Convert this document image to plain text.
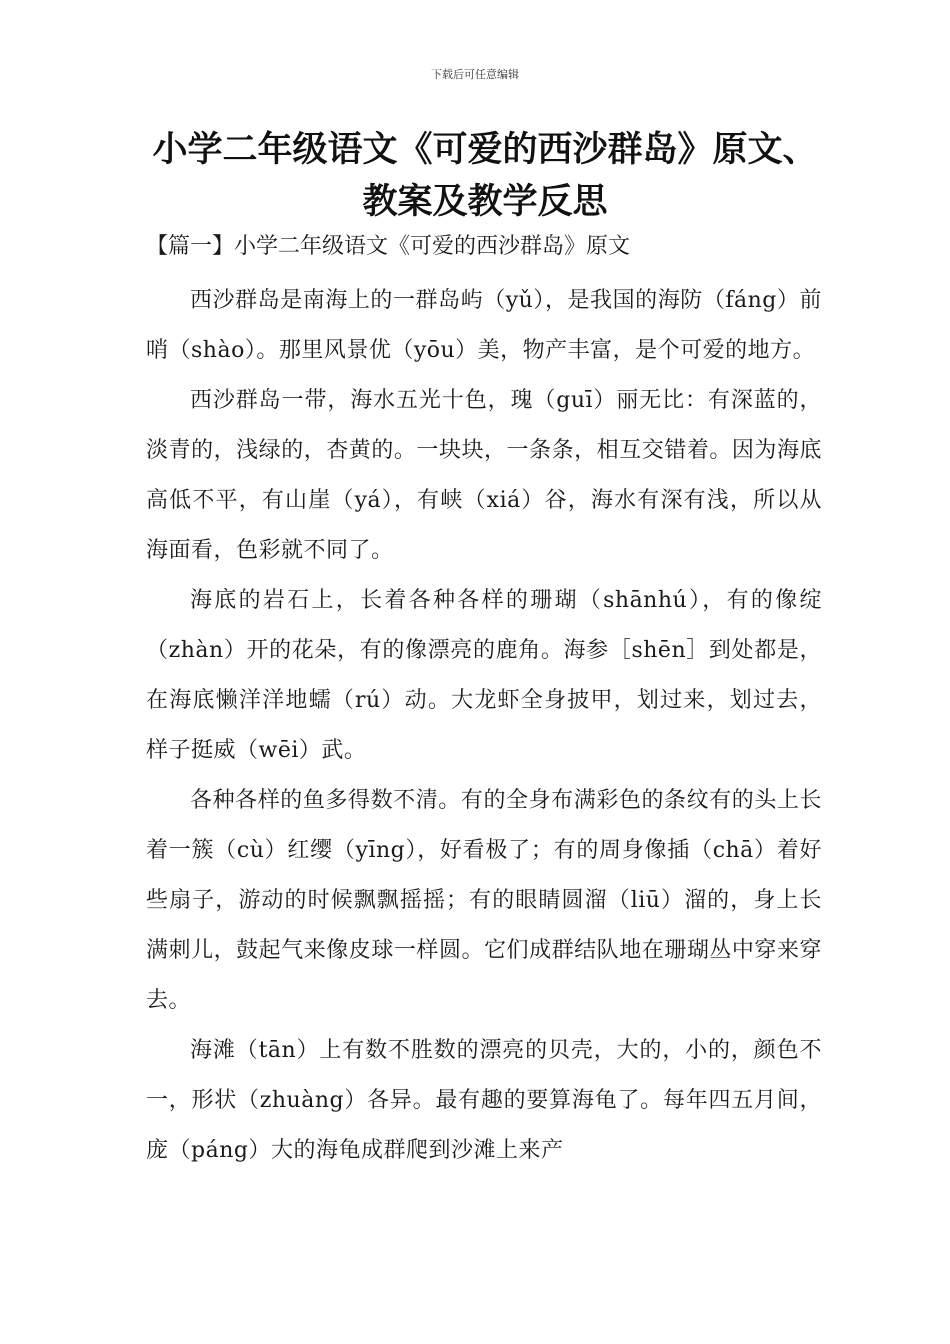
下载后可任意编辑
小学二年级语文《可爱的西沙群岛》原文、
教案及教学反思

【篇一】小学二年级语文《可爱的西沙群岛》原文

西沙群岛是南海上的一群岛屿（yǔ），是我国的海防（fáng）前哨（shào）。那里风景优（yōu）美，物产丰富，是个可爱的地方。

西沙群岛一带，海水五光十色，瑰（guī）丽无比：有深蓝的，淡青的，浅绿的，杏黄的。一块块，一条条，相互交错着。因为海底高低不平，有山崖（yá），有峡（xiá）谷，海水有深有浅，所以从海面看，色彩就不同了。

海底的岩石上，长着各种各样的珊瑚（shānhú），有的像绽（zhàn）开的花朵，有的像漂亮的鹿角。海参［shēn］到处都是，在海底懒洋洋地蠕（rú）动。大龙虾全身披甲，划过来，划过去，样子挺威（wēi）武。

各种各样的鱼多得数不清。有的全身布满彩色的条纹有的头上长着一簇（cù）红缨（yīng），好看极了；有的周身像插（chā）着好些扇子，游动的时候飘飘摇摇；有的眼睛圆溜（liū）溜的，身上长满刺儿，鼓起气来像皮球一样圆。它们成群结队地在珊瑚丛中穿来穿去。

海滩（tān）上有数不胜数的漂亮的贝壳，大的，小的，颜色不一，形状（zhuàng）各异。最有趣的要算海龟了。每年四五月间，庞（páng）大的海龟成群爬到沙滩上来产
